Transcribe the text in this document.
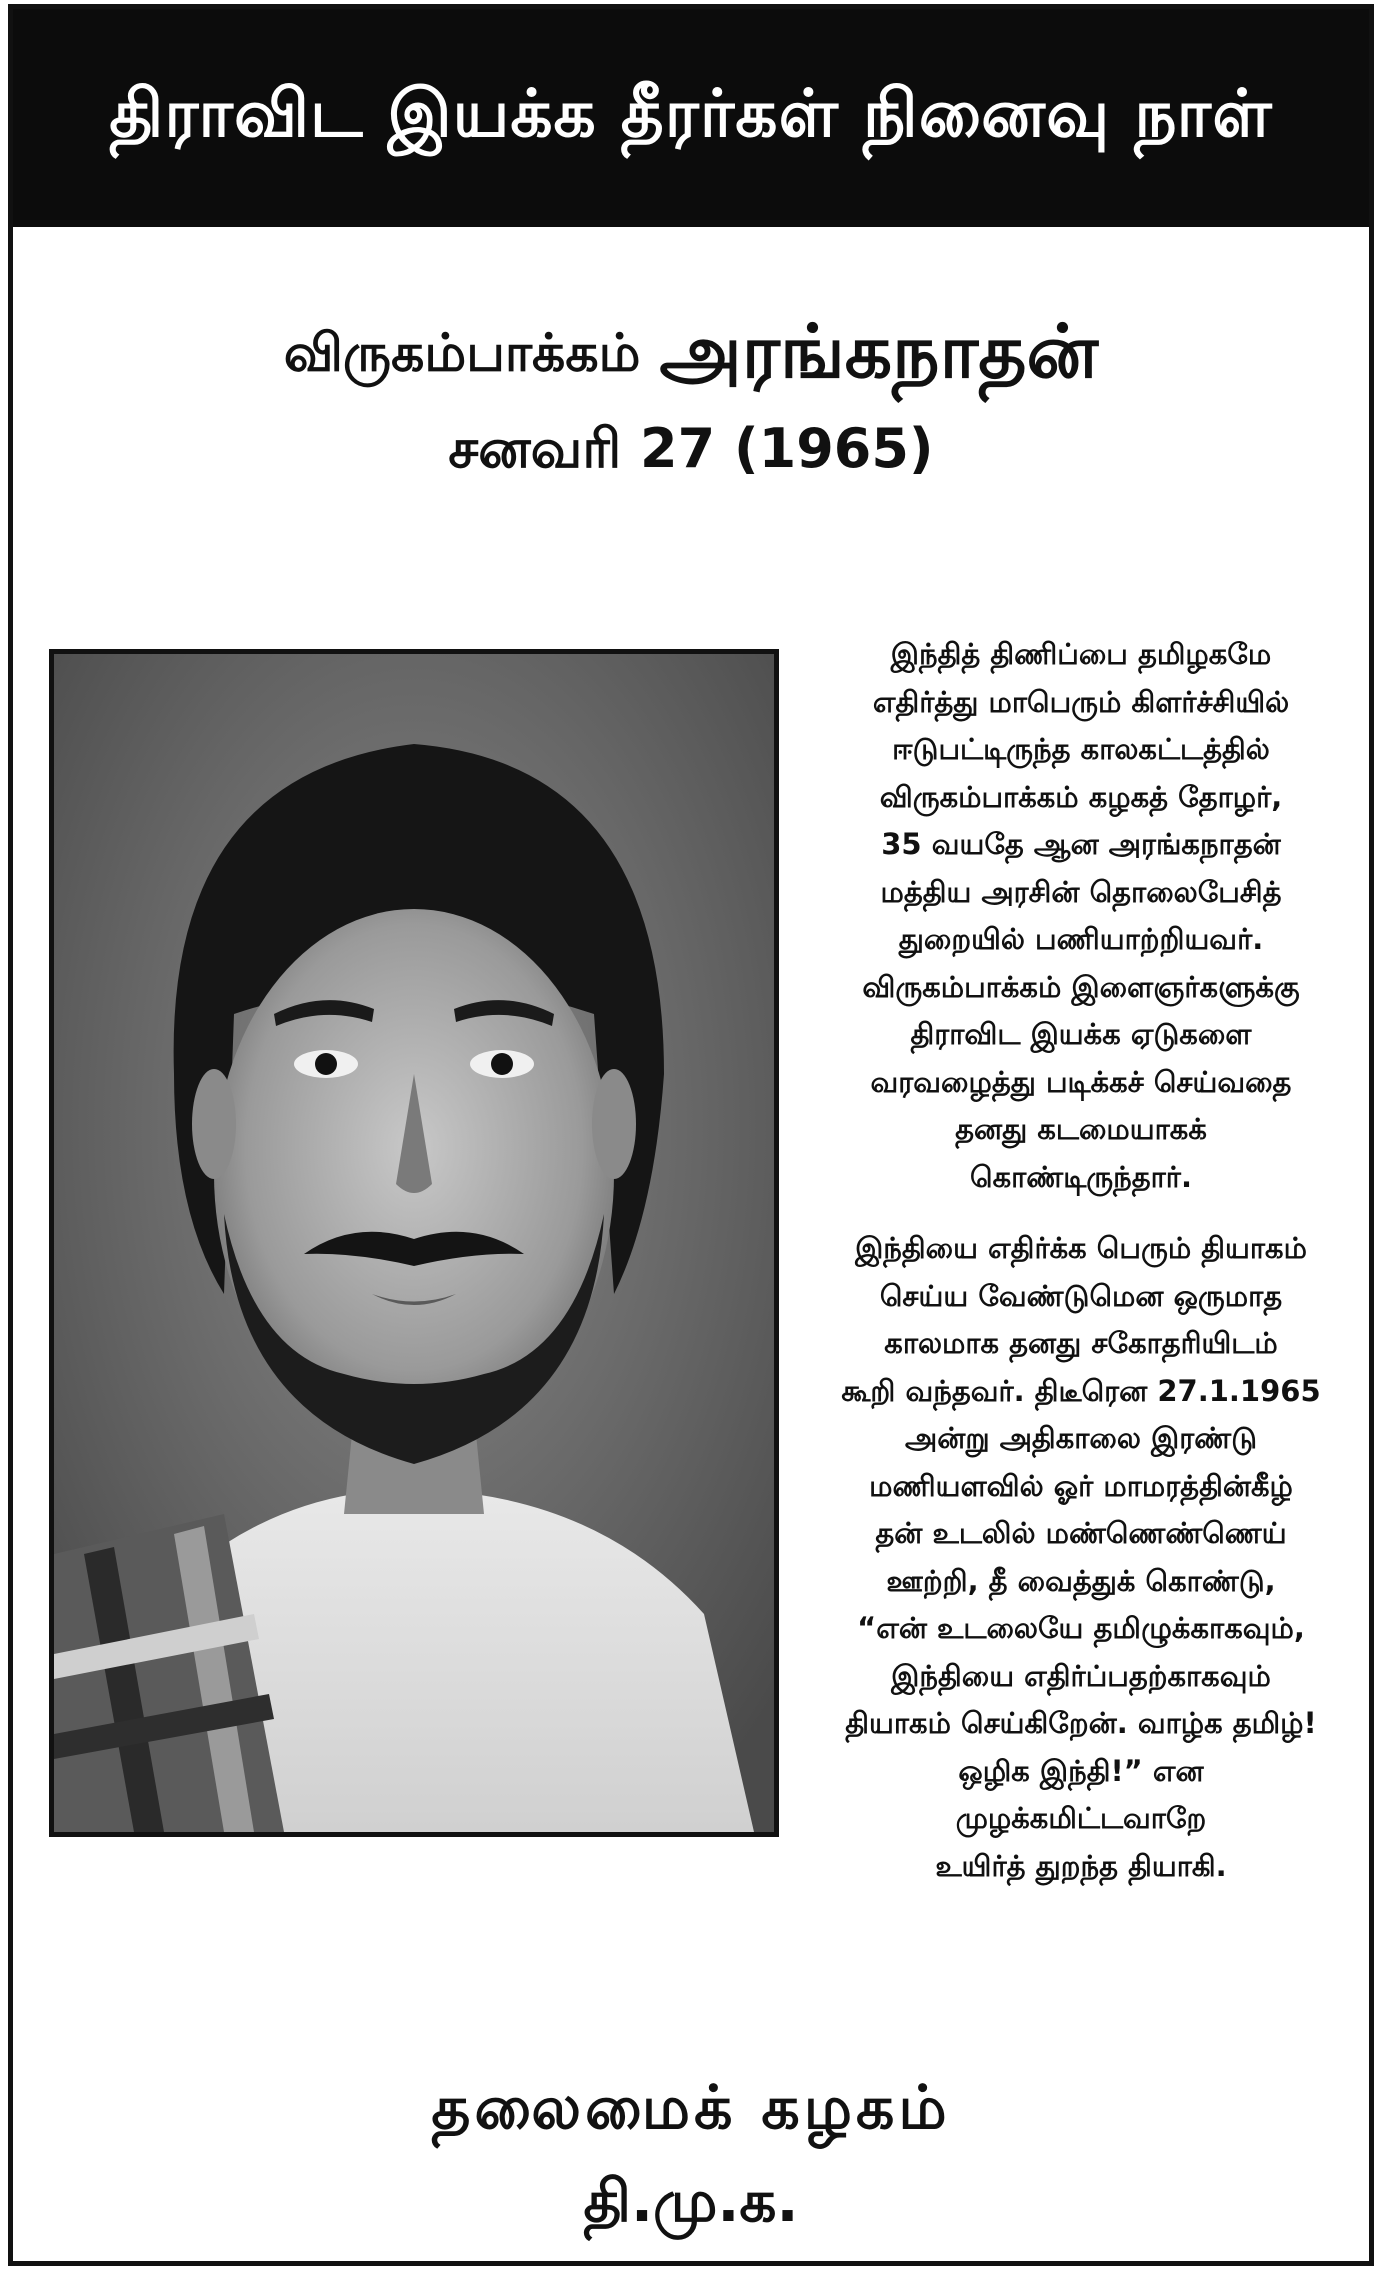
திராவிட இயக்க தீரர்கள் நினைவு நாள்
விருகம்பாக்கம் அரங்கநாதன்
சனவரி 27 (1965)
இந்தித் திணிப்பை தமிழகமே
எதிர்த்து மாபெரும் கிளர்ச்சியில்
ஈடுபட்டிருந்த காலகட்டத்தில்
விருகம்பாக்கம் கழகத் தோழர்,
35 வயதே ஆன அரங்கநாதன்
மத்திய அரசின் தொலைபேசித்
துறையில் பணியாற்றியவர்.
விருகம்பாக்கம் இளைஞர்களுக்கு
திராவிட இயக்க ஏடுகளை
வரவழைத்து படிக்கச் செய்வதை
தனது கடமையாகக்
கொண்டிருந்தார்.
இந்தியை எதிர்க்க பெரும் தியாகம்
செய்ய வேண்டுமென ஒருமாத
காலமாக தனது சகோதரியிடம்
கூறி வந்தவர். திடீரென 27.1.1965
அன்று அதிகாலை இரண்டு
மணியளவில் ஓர் மாமரத்தின்கீழ்
தன் உடலில் மண்ணெண்ணெய்
ஊற்றி, தீ வைத்துக் கொண்டு,
“என் உடலையே தமிழுக்காகவும்,
இந்தியை எதிர்ப்பதற்காகவும்
தியாகம் செய்கிறேன். வாழ்க தமிழ்!
ஒழிக இந்தி!” என
முழக்கமிட்டவாறே
உயிர்த் துறந்த தியாகி.
தலைமைக் கழகம்
தி.மு.க.
